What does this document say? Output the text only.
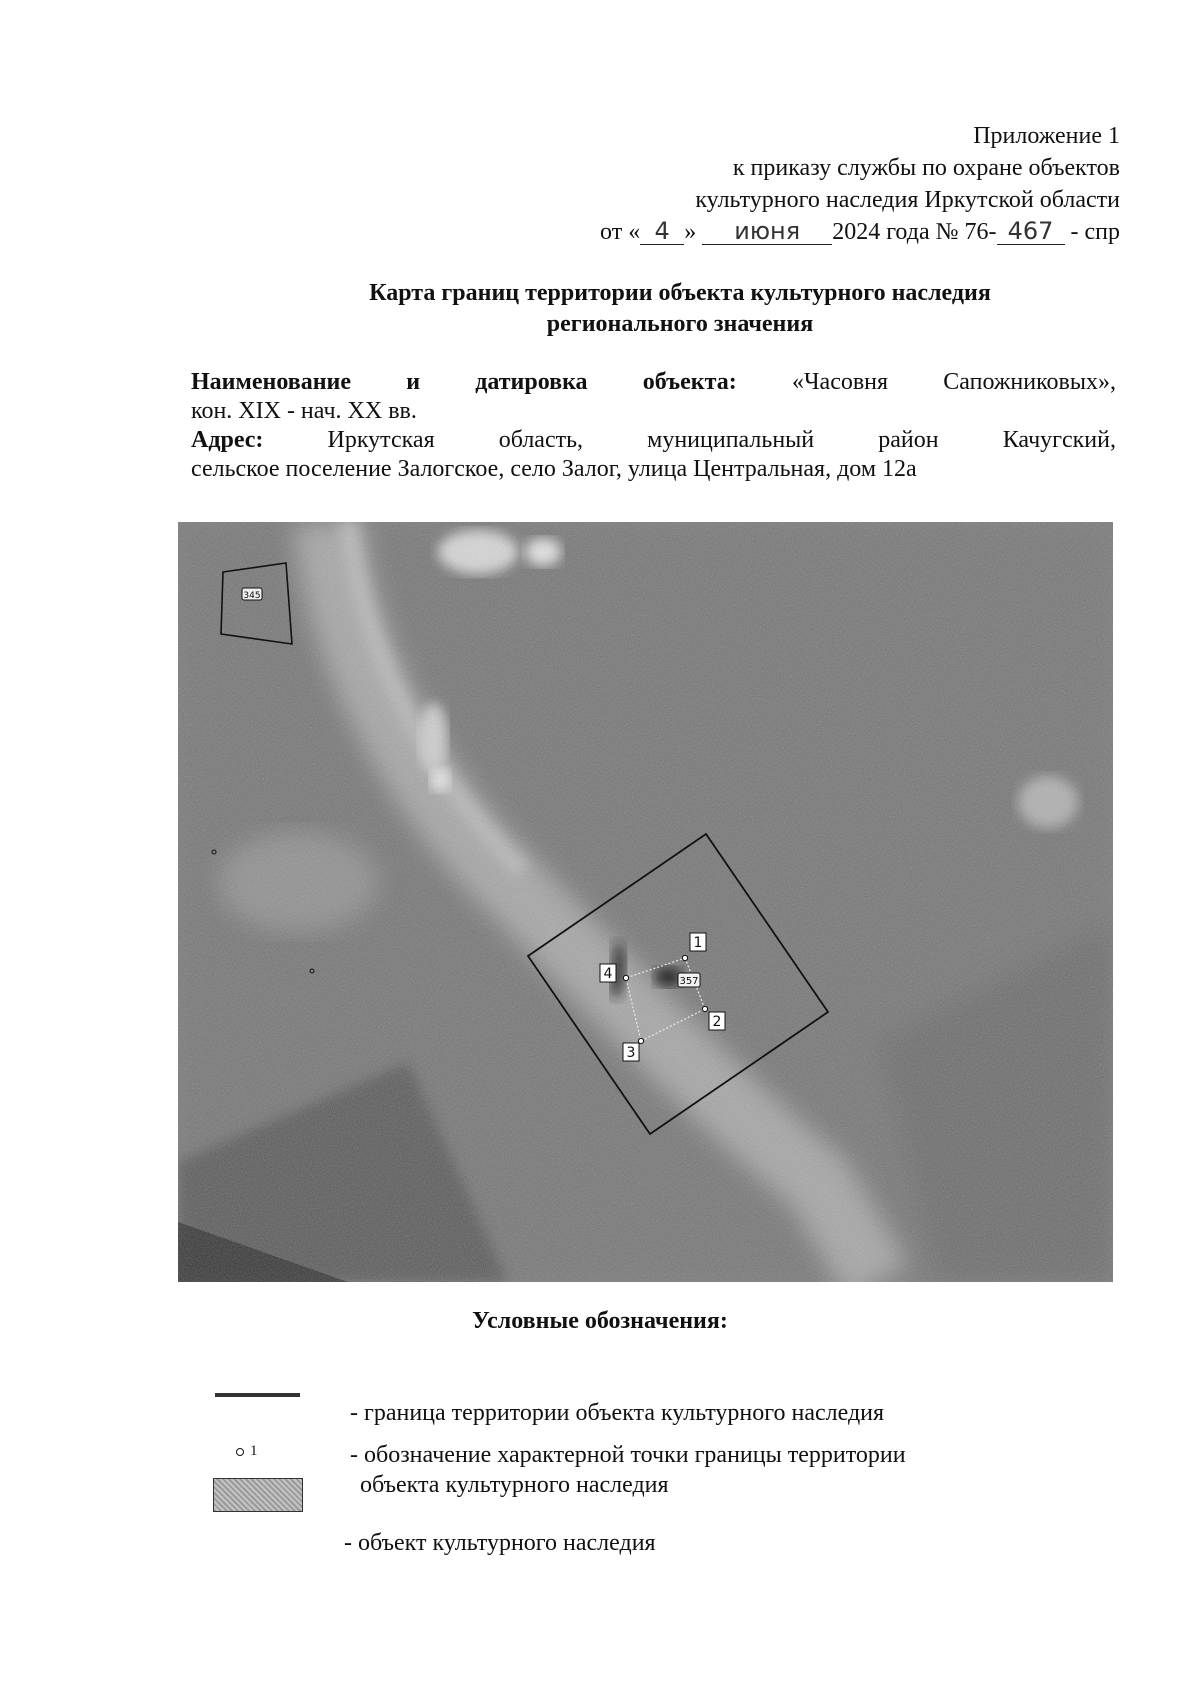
Приложение 1
к приказу службы по охране объектов
культурного наследия Иркутской области
от « 4 » июня 2024 года № 76- 467 - спр
Карта границ территории объекта культурного наследия
регионального значения
Наименование и датировка объекта: «Часовня Сапожниковых»,
кон. XIX - нач. XX вв.
Адрес:	Иркутская область, муниципальный район Качугский,
сельское поселение Залогское, село Залог, улица Центральная, дом 12а
345
357
1
2
3
4
Условные обозначения:
- граница территории объекта культурного наследия
1	- обозначение характерной точки границы территории
объекта культурного наследия
- объект культурного наследия
